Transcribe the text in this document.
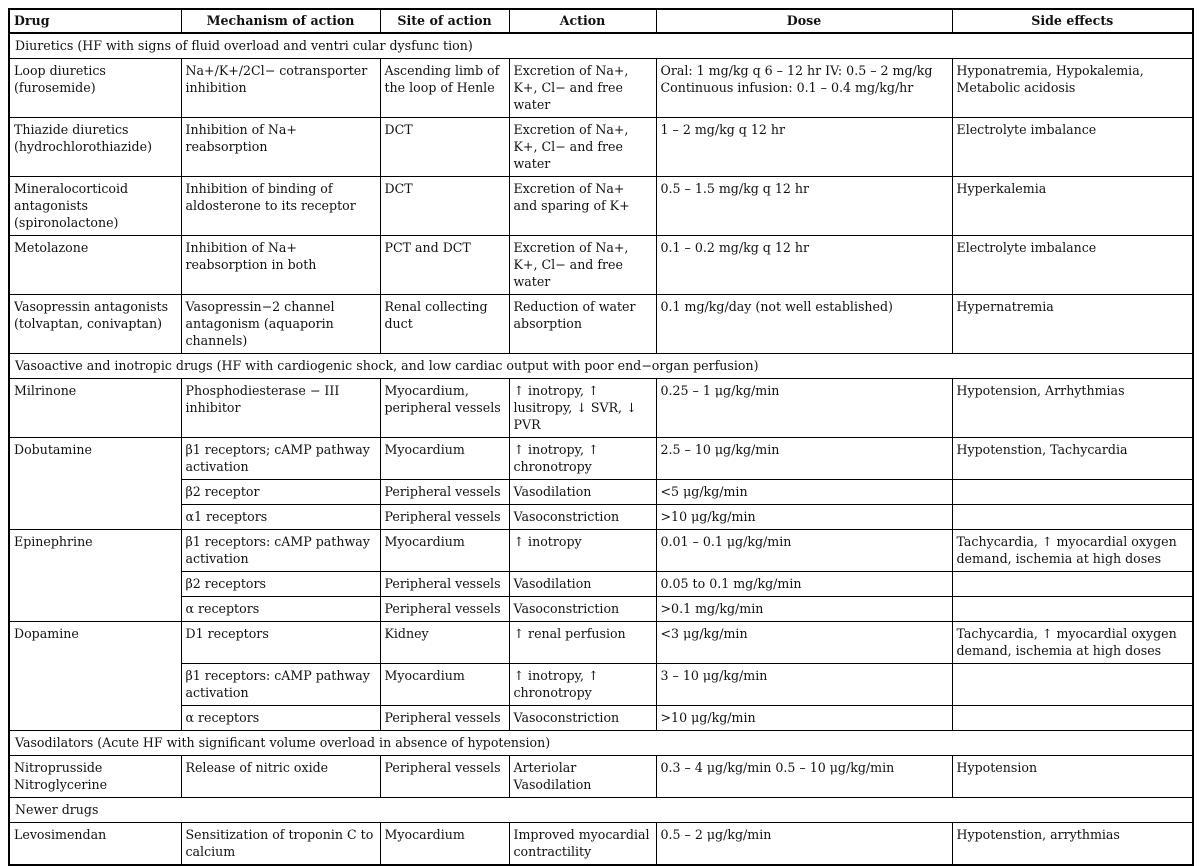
Drug	Mechanism of action	Site of action	Action	Dose	Side effects
Diuretics (HF with signs of fluid overload and ventri cular dysfunc tion)					
Loop diuretics (furosemide)	Na+/K+/2Cl− cotransporter inhibition	Ascending limb of the loop of Henle	Excretion of Na+, K+, Cl− and free water	Oral: 1 mg/kg q 6 – 12 hr IV: 0.5 – 2 mg/kg Continuous infusion: 0.1 – 0.4 mg/kg/hr	Hyponatremia, Hypokalemia, Metabolic acidosis
Thiazide diuretics (hydrochlorothiazide)	Inhibition of Na+ reabsorption	DCT	Excretion of Na+, K+, Cl− and free water	1 – 2 mg/kg q 12 hr	Electrolyte imbalance
Mineralocorticoid antagonists (spironolactone)	Inhibition of binding of aldosterone to its receptor	DCT	Excretion of Na+ and sparing of K+	0.5 – 1.5 mg/kg q 12 hr	Hyperkalemia
Metolazone	Inhibition of Na+ reabsorption in both	PCT and DCT	Excretion of Na+, K+, Cl− and free water	0.1 – 0.2 mg/kg q 12 hr	Electrolyte imbalance
Vasopressin antagonists (tolvaptan, conivaptan)	Vasopressin−2 channel antagonism (aquaporin channels)	Renal collecting duct	Reduction of water absorption	0.1 mg/kg/day (not well established)	Hypernatremia
Vasoactive and inotropic drugs (HF with cardiogenic shock, and low cardiac output with poor end−organ perfusion)					
Milrinone	Phosphodiesterase − III inhibitor	Myocardium, peripheral vessels	↑ inotropy, ↑ lusitropy, ↓ SVR, ↓ PVR	0.25 – 1 μg/kg/min	Hypotension, Arrhythmias
Dobutamine	β1 receptors; cAMP pathway activation	Myocardium	↑ inotropy, ↑ chronotropy	2.5 – 10 μg/kg/min	Hypotenstion, Tachycardia
	β2 receptor	Peripheral vessels	Vasodilation	<5 μg/kg/min	
	α1 receptors	Peripheral vessels	Vasoconstriction	>10 μg/kg/min	
Epinephrine	β1 receptors: cAMP pathway activation	Myocardium	↑ inotropy	0.01 – 0.1 μg/kg/min	Tachycardia, ↑ myocardial oxygen demand, ischemia at high doses
	β2 receptors	Peripheral vessels	Vasodilation	0.05 to 0.1 mg/kg/min	
	α receptors	Peripheral vessels	Vasoconstriction	>0.1 mg/kg/min	
Dopamine	D1 receptors	Kidney	↑ renal perfusion	<3 μg/kg/min	Tachycardia, ↑ myocardial oxygen demand, ischemia at high doses
	β1 receptors: cAMP pathway activation	Myocardium	↑ inotropy, ↑ chronotropy	3 – 10 μg/kg/min	
	α receptors	Peripheral vessels	Vasoconstriction	>10 μg/kg/min	
Vasodilators (Acute HF with significant volume overload in absence of hypotension)					
Nitroprusside Nitroglycerine	Release of nitric oxide	Peripheral vessels	Arteriolar Vasodilation	0.3 – 4 μg/kg/min 0.5 – 10 μg/kg/min	Hypotension
Newer drugs					
Levosimendan	Sensitization of troponin C to calcium	Myocardium	Improved myocardial contractility	0.5 – 2 μg/kg/min	Hypotenstion, arrythmias
